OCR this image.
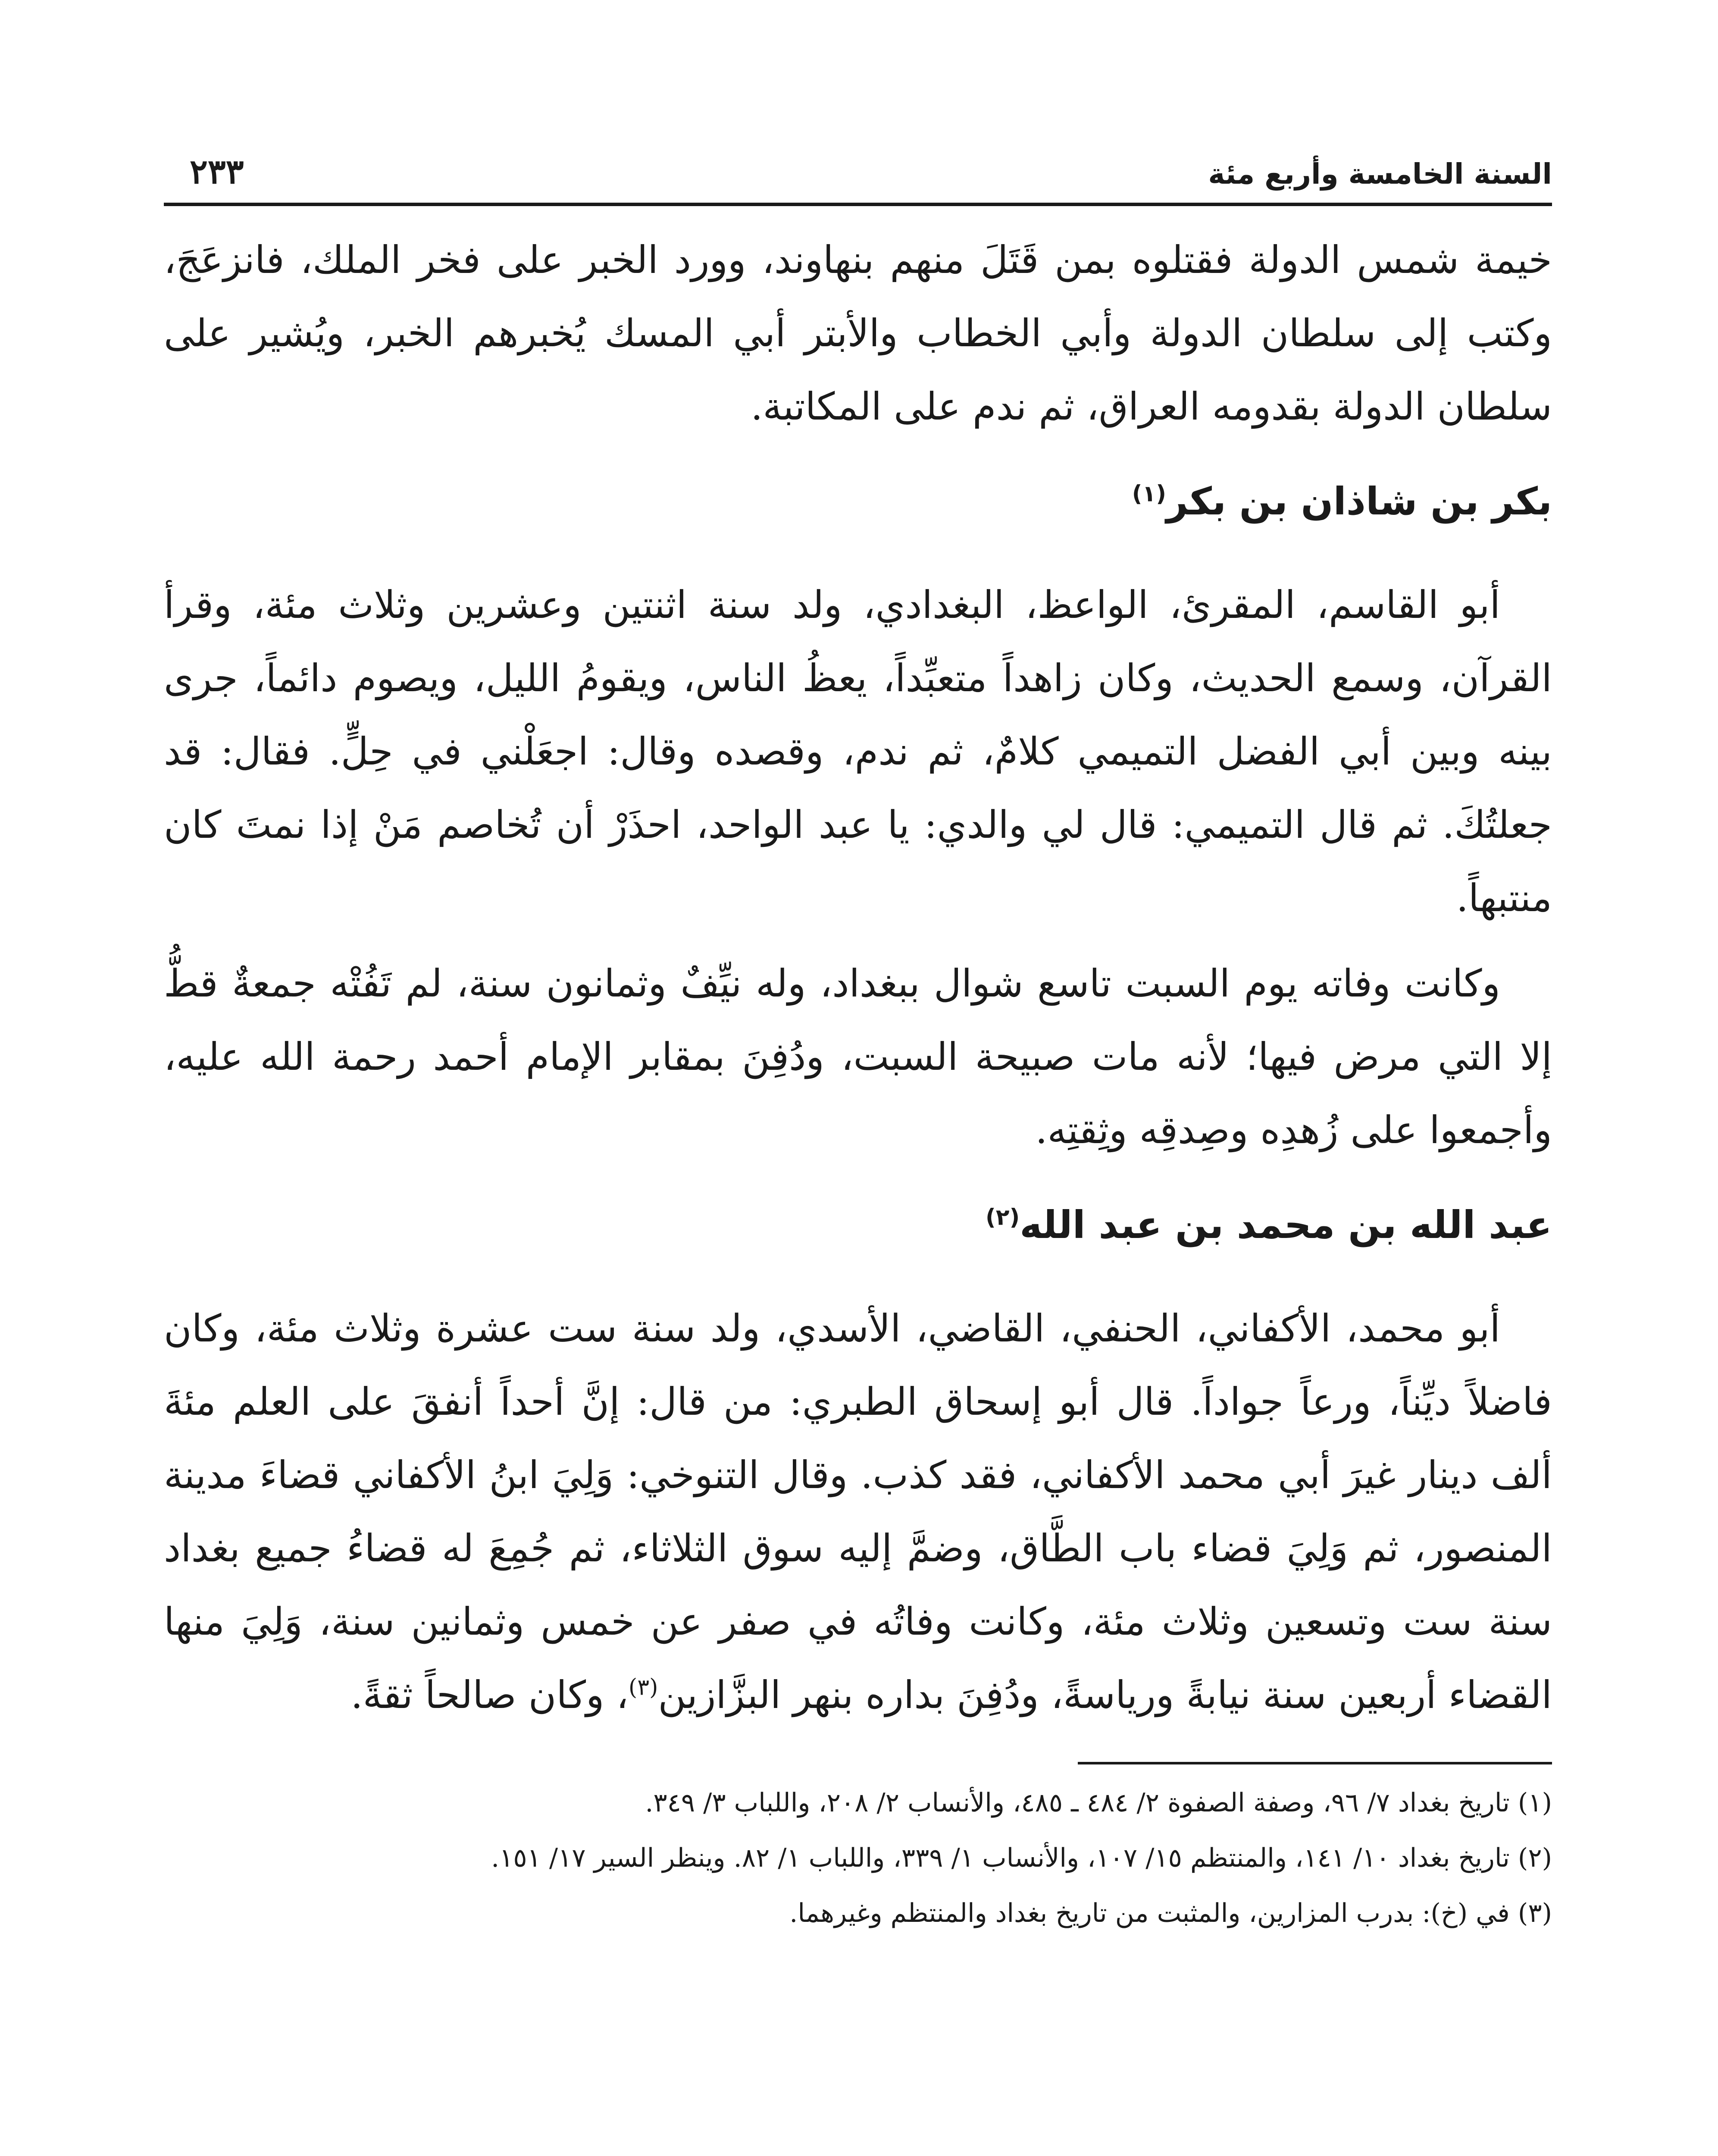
السنة الخامسة وأربع مئة
٢٣٣

خيمة شمس الدولة فقتلوه بمن قَتَلَ منهم بنهاوند، وورد الخبر على فخر الملك، فانزعَجَ، وكتب إلى سلطان الدولة وأبي الخطاب والأبتر أبي المسك يُخبرهم الخبر، ويُشير على سلطان الدولة بقدومه العراق، ثم ندم على المكاتبة.

بكر بن شاذان بن بكر$^{(١)}$

أبو القاسم، المقرئ، الواعظ، البغدادي، ولد سنة اثنتين وعشرين وثلاث مئة، وقرأ القرآن، وسمع الحديث، وكان زاهداً متعبِّداً، يعظُ الناس، ويقومُ الليل، ويصوم دائماً، جرى بينه وبين أبي الفضل التميمي كلامٌ، ثم ندم، وقصده وقال: اجعَلْني في حِلٍّ. فقال: قد جعلتُكَ. ثم قال التميمي: قال لي والدي: يا عبد الواحد، احذَرْ أن تُخاصم مَنْ إذا نمتَ كان منتبهاً.

وكانت وفاته يوم السبت تاسع شوال ببغداد، وله نيِّفٌ وثمانون سنة، لم تَفُتْه جمعةٌ قطُّ إلا التي مرض فيها؛ لأنه مات صبيحة السبت، ودُفِنَ بمقابر الإمام أحمد رحمة الله عليه، وأجمعوا على زُهدِه وصِدقِه وثِقتِه.

عبد الله بن محمد بن عبد الله$^{(٢)}$

أبو محمد، الأكفاني، الحنفي، القاضي، الأسدي، ولد سنة ست عشرة وثلاث مئة، وكان فاضلاً ديِّناً، ورعاً جواداً. قال أبو إسحاق الطبري: من قال: إنَّ أحداً أنفقَ على العلم مئةَ ألف دينار غيرَ أبي محمد الأكفاني، فقد كذب. وقال التنوخي: وَلِيَ ابنُ الأكفاني قضاءَ مدينة المنصور، ثم وَلِيَ قضاء باب الطَّاق، وضمَّ إليه سوق الثلاثاء، ثم جُمِعَ له قضاءُ جميع بغداد سنة ست وتسعين وثلاث مئة، وكانت وفاتُه في صفر عن خمس وثمانين سنة، وَلِيَ منها القضاء أربعين سنة نيابةً ورياسةً، ودُفِنَ بداره بنهر البزَّازين$^{(٣)}$، وكان صالحاً ثقةً.

(١) تاريخ بغداد ٧/ ٩٦، وصفة الصفوة ٢/ ٤٨٤ ـ ٤٨٥، والأنساب ٢/ ٢٠٨، واللباب ٣/ ٣٤٩.

(٢) تاريخ بغداد ١٠/ ١٤١، والمنتظم ١٥/ ١٠٧، والأنساب ١/ ٣٣٩، واللباب ١/ ٨٢. وينظر السير ١٧/ ١٥١.

(٣) في (خ): بدرب المزارين، والمثبت من تاريخ بغداد والمنتظم وغيرهما.
